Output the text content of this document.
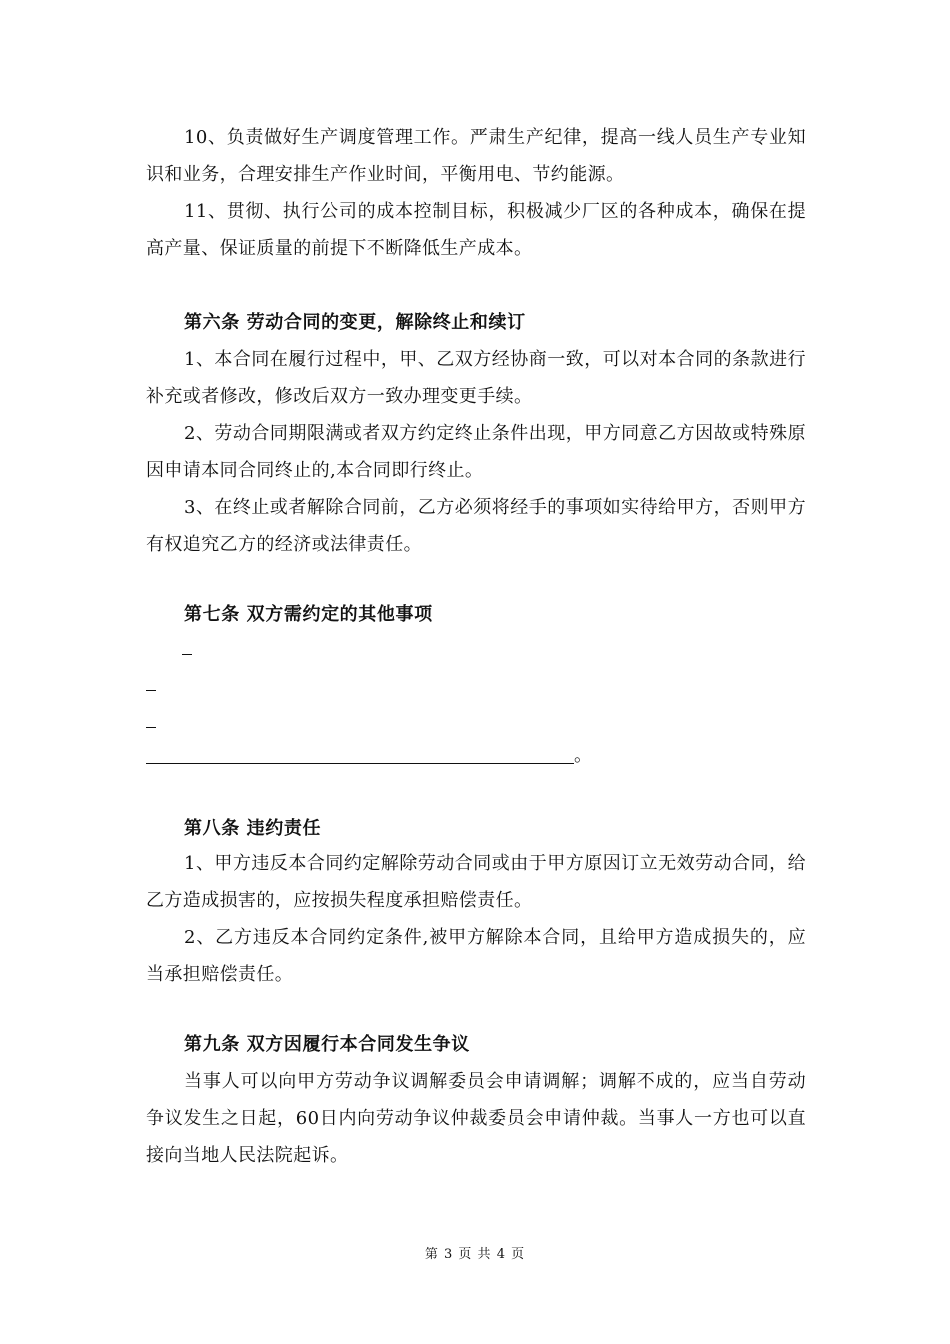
10、负责做好生产调度管理工作。严肃生产纪律，提高一线人员生产专业知识和业务，合理安排生产作业时间，平衡用电、节约能源。

11、贯彻、执行公司的成本控制目标，积极减少厂区的各种成本，确保在提高产量、保证质量的前提下不断降低生产成本。

第六条 劳动合同的变更，解除终止和续订

1、本合同在履行过程中，甲、乙双方经协商一致，可以对本合同的条款进行补充或者修改，修改后双方一致办理变更手续。

2、劳动合同期限满或者双方约定终止条件出现，甲方同意乙方因故或特殊原因申请本同合同终止的,本合同即行终止。

3、在终止或者解除合同前，乙方必须将经手的事项如实待给甲方，否则甲方有权追究乙方的经济或法律责任。

第七条 双方需约定的其他事项
。
第八条 违约责任

1、甲方违反本合同约定解除劳动合同或由于甲方原因订立无效劳动合同，给乙方造成损害的，应按损失程度承担赔偿责任。

2、乙方违反本合同约定条件,被甲方解除本合同，且给甲方造成损失的，应当承担赔偿责任。

第九条 双方因履行本合同发生争议

当事人可以向甲方劳动争议调解委员会申请调解；调解不成的，应当自劳动争议发生之日起，60日内向劳动争议仲裁委员会申请仲裁。当事人一方也可以直接向当地人民法院起诉。

第 3 页 共 4 页
